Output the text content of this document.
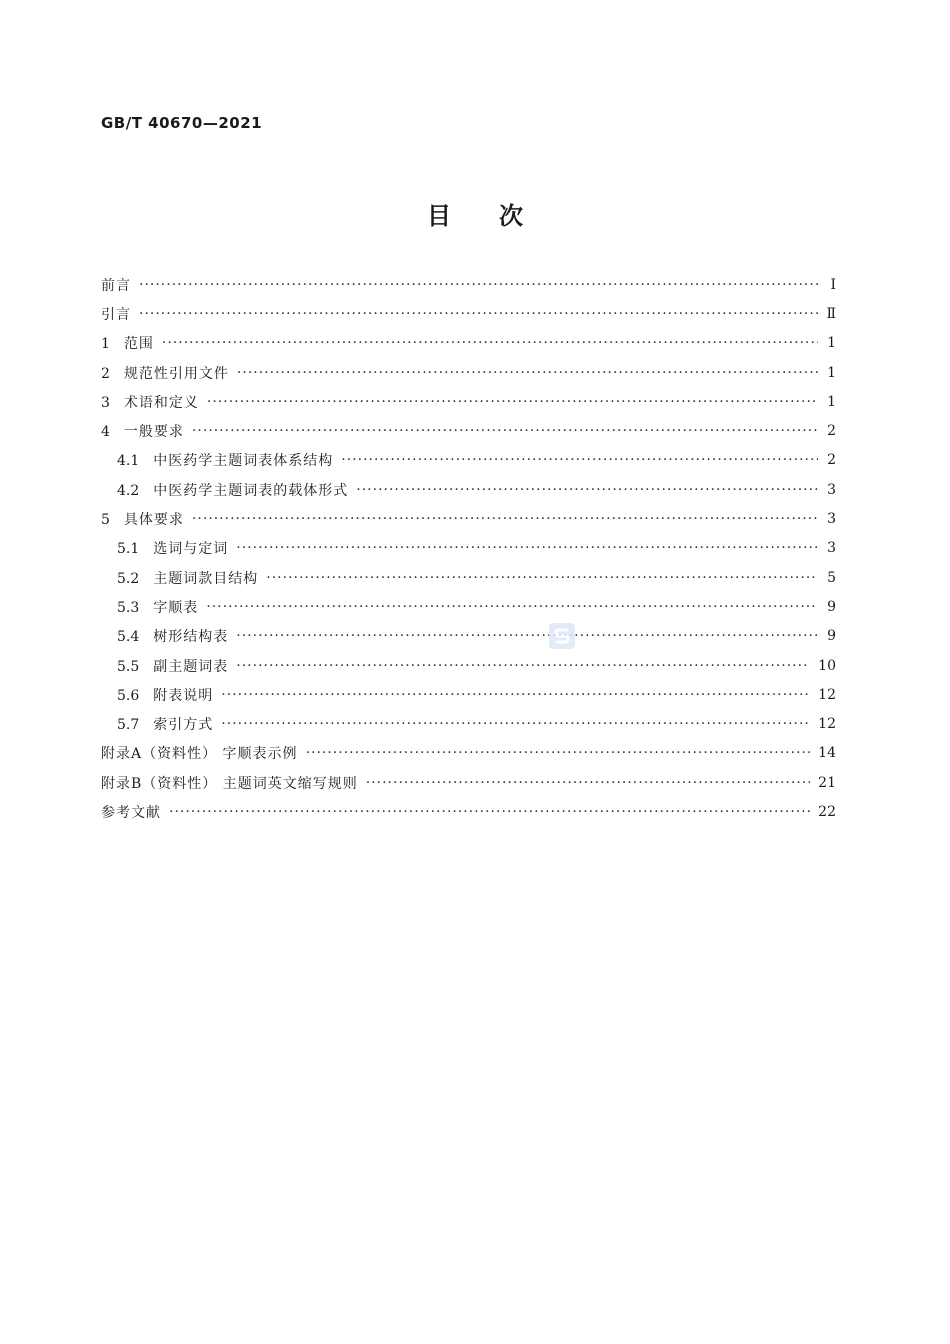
GB/T 40670—2021
目次
前言 ·····	Ⅰ
引言 ·····	Ⅱ
1 范围 ·····	1
2 规范性引用文件 ·····	1
3 术语和定义 ·····	1
4 一般要求 ·····	2
4.1 中医药学主题词表体系结构 ·····	2
4.2 中医药学主题词表的载体形式 ·····	3
5 具体要求 ·····	3
5.1 选词与定词 ·····	3
5.2 主题词款目结构 ·····	5
5.3 字顺表 ·····	9
5.4 树形结构表 ·····	9
5.5 副主题词表 ·····	10
5.6 附表说明 ·····	12
5.7 索引方式 ·····	12
附录A（资料性） 字顺表示例 ·····	14
附录B（资料性） 主题词英文缩写规则 ·····	21
参考文献 ·····	22
